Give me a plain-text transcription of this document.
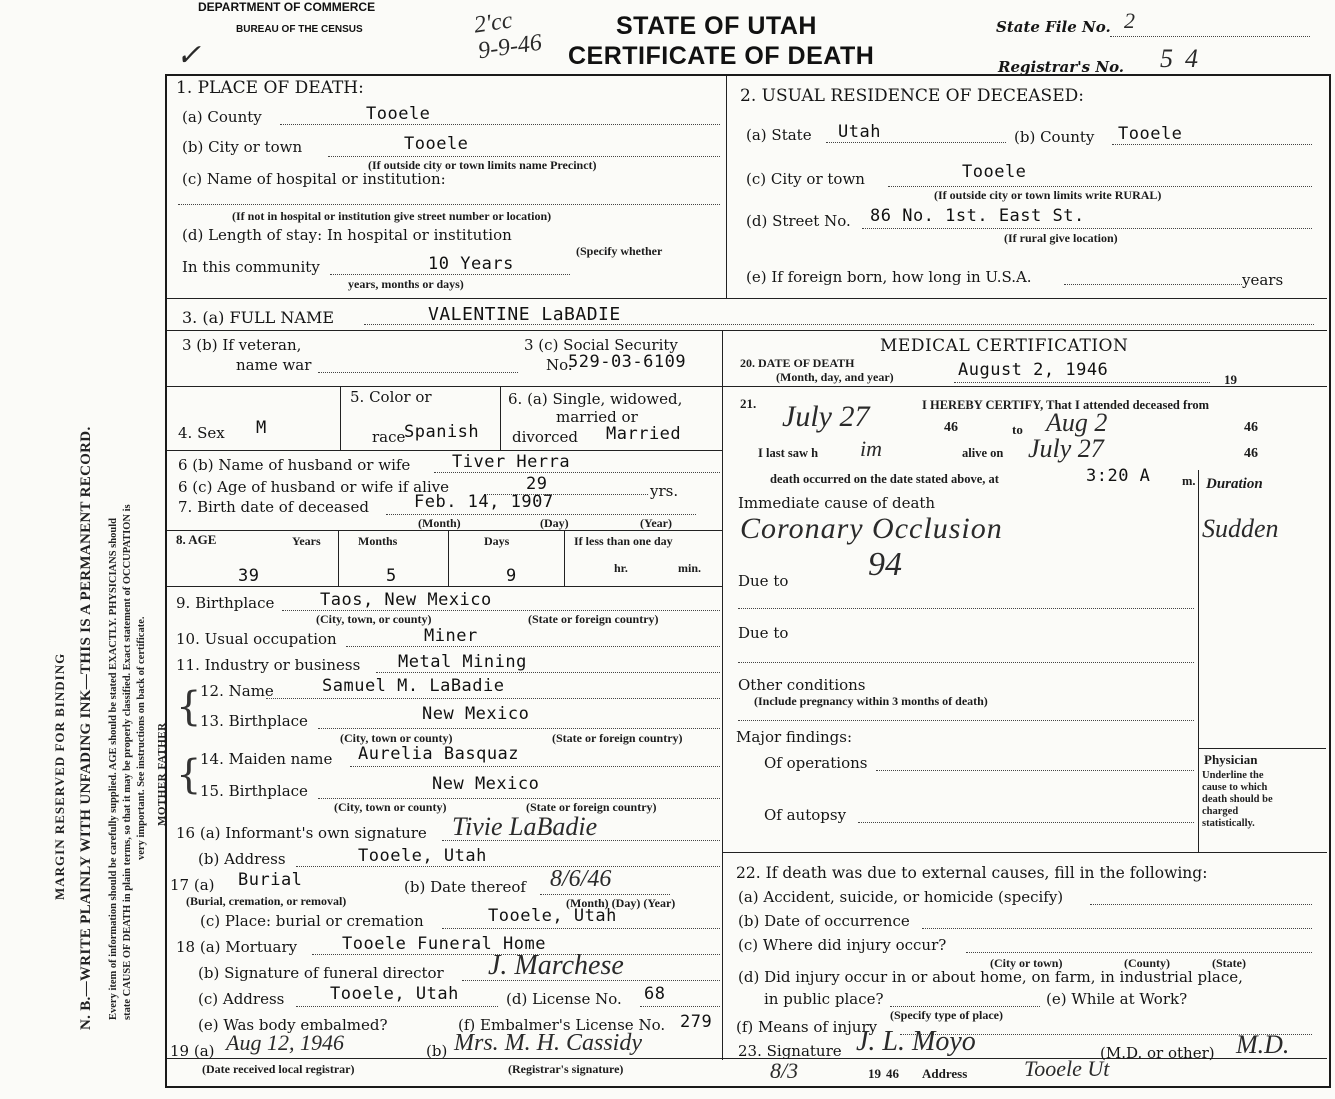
N. B.—WRITE PLAINLY WITH UNFADING INK—THIS IS A PERMANENT RECORD.
MARGIN RESERVED FOR BINDING	Every item of information should be carefully supplied. AGE should be stated EXACTLY. PHYSICIANS should state CAUSE OF DEATH in plain terms, so that it may be properly classified. Exact statement of OCCUPATION is very important. See instructions on back of certificate.
DEPARTMENT OF COMMERCE
BUREAU OF THE CENSUS	2'cc
9-9-46
✓
STATE OF UTAH
CERTIFICATE OF DEATH
State File No. 2
Registrar's No. 54
1. PLACE OF DEATH:
(a) County	Tooele
(b) City or town	Tooele
(If outside city or town limits name Precinct)
(c) Name of hospital or institution:
(If not in hospital or institution give street number or location)
(d) Length of stay: In hospital or institution
(Specify whether
In this community	10 Years
years, months or days)
2. USUAL RESIDENCE OF DECEASED:
(a) State Utah	(b) County Tooele
(c) City or town	Tooele
(If outside city or town limits write RURAL)
(d) Street No. 86 No. 1st. East St.
(If rural give location)
(e) If foreign born, how long in U.S.A.	years
3. (a) FULL NAME	VALENTINE LaBADIE
3 (b) If veteran,
name war
3 (c) Social Security
No.
529-03-6109
4. Sex M
5. Color or
race
Spanish
6. (a) Single, widowed,
married or
divorced Married
6 (b) Name of husband or wife Tiver Herra
6 (c) Age of husband or wife if alive	29	yrs.
7. Birth date of deceased	Feb. 14, 1907
(Month)	(Day)	(Year)
8. AGE	Years	Months	Days	If less than one day
39	5	9	hr.	min.
9. Birthplace	Taos, New Mexico
(City, town, or county)	(State or foreign country)
10. Usual occupation	Miner
11. Industry or business Metal Mining
MOTHER FATHER
{
{
12. Name	Samuel M. LaBadie
13. Birthplace	New Mexico
(City, town or county)	(State or foreign country)
14. Maiden name Aurelia Basquaz
15. Birthplace	New Mexico
(City, town or county)	(State or foreign country)
16 (a) Informant's own signature Tivie LaBadie
(b) Address	Tooele, Utah
17 (a) Burial
(Burial, cremation, or removal)
(b) Date thereof 8/6/46
(Month) (Day) (Year)
(c) Place: burial or cremation	Tooele, Utah
18 (a) Mortuary	Tooele Funeral Home
(b) Signature of funeral director J. Marchese
(c) Address	Tooele, Utah	(d) License No. 68
(e) Was body embalmed?	(f) Embalmer's License No. 279
19 (a) Aug 12, 1946	(b) Mrs. M. H. Cassidy
(Date received local registrar)	(Registrar's signature)
MEDICAL CERTIFICATION
20. DATE OF DEATH
(Month, day, and year)	August 2, 1946	19
21.	I HEREBY CERTIFY, That I attended deceased from
July 27	46	to Aug 2	46
I last saw h im	alive on July 27	46
death occurred on the date stated above, at	3:20 A	m. Duration
Immediate cause of death
Coronary Occlusion	Sudden
Due to 94
Due to
Other conditions
(Include pregnancy within 3 months of death)
Major findings:
Of operations
Of autopsy
Physician
Underline the cause to which death should be charged statistically.
22. If death was due to external causes, fill in the following:
(a) Accident, suicide, or homicide (specify)
(b) Date of occurrence
(c) Where did injury occur?
(City or town)	(County)	(State)
(d) Did injury occur in or about home, on farm, in industrial place,
in public place?	(e) While at Work?
(Specify type of place)
(f) Means of injury
23. Signature J. L. Moyo	(M.D. or other) M.D.
8/3	19 46 Address	Tooele Ut
